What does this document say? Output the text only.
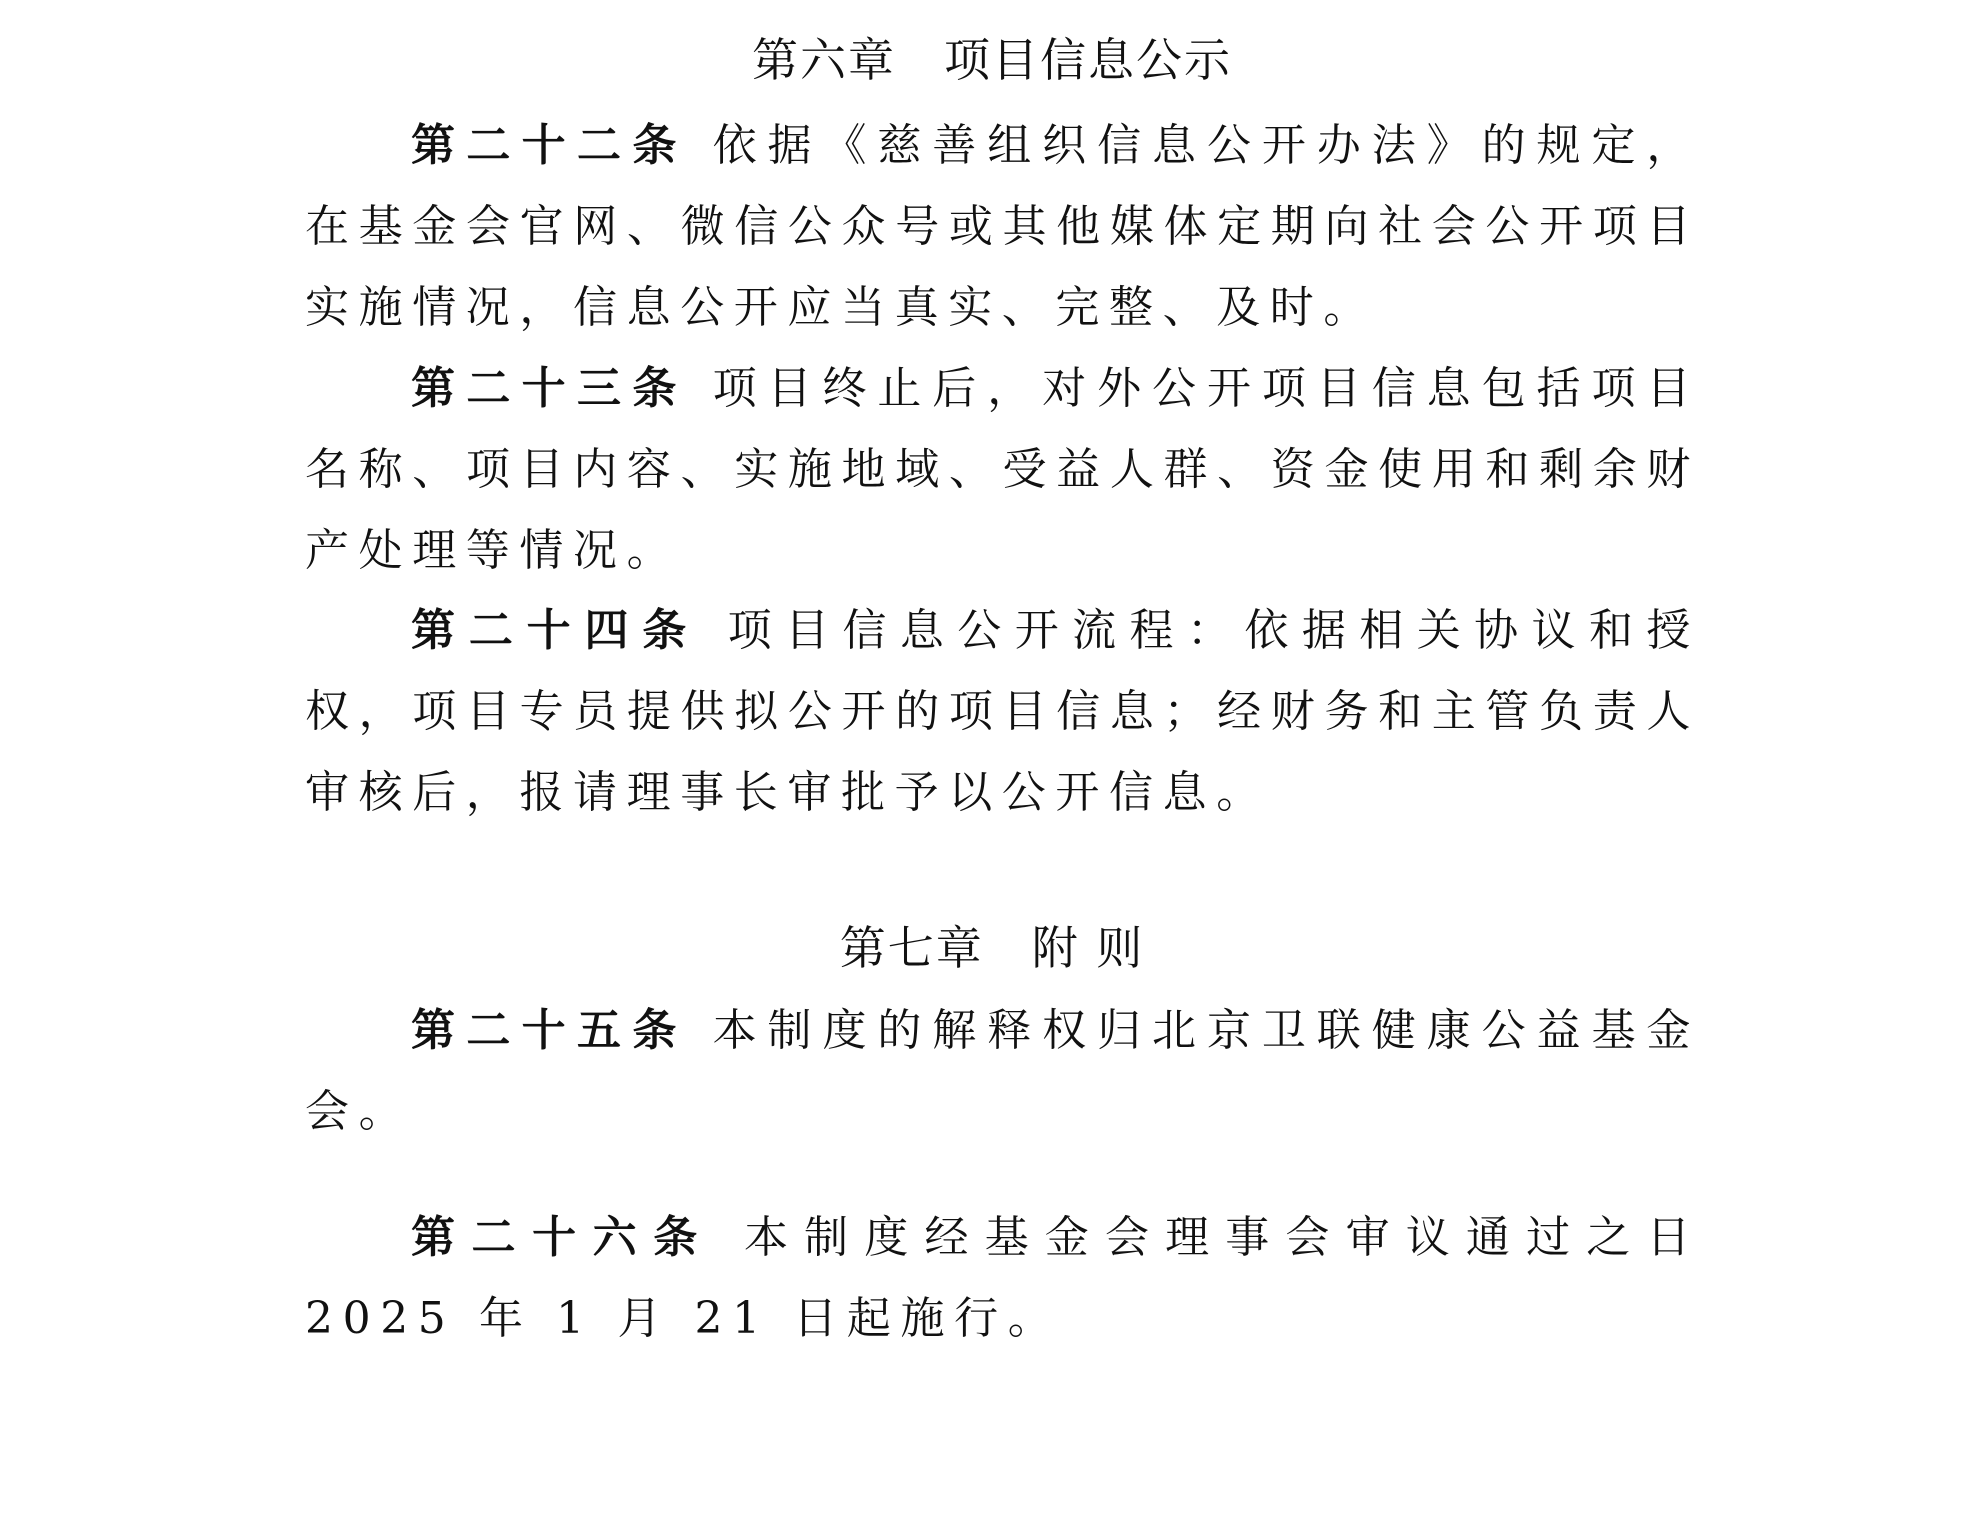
第六章　项目信息公示

第二十二条 依据《慈善组织信息公开办法》的规定，在基金会官网、微信公众号或其他媒体定期向社会公开项目实施情况，信息公开应当真实、完整、及时。

第二十三条 项目终止后，对外公开项目信息包括项目名称、项目内容、实施地域、受益人群、资金使用和剩余财产处理等情况。

第二十四条 项目信息公开流程：依据相关协议和授权，项目专员提供拟公开的项目信息；经财务和主管负责人审核后，报请理事长审批予以公开信息。

第七章　附 则

第二十五条 本制度的解释权归北京卫联健康公益基金会。

第二十六条 本制度经基金会理事会审议通过之日 2025 年 1 月 21 日起施行。
